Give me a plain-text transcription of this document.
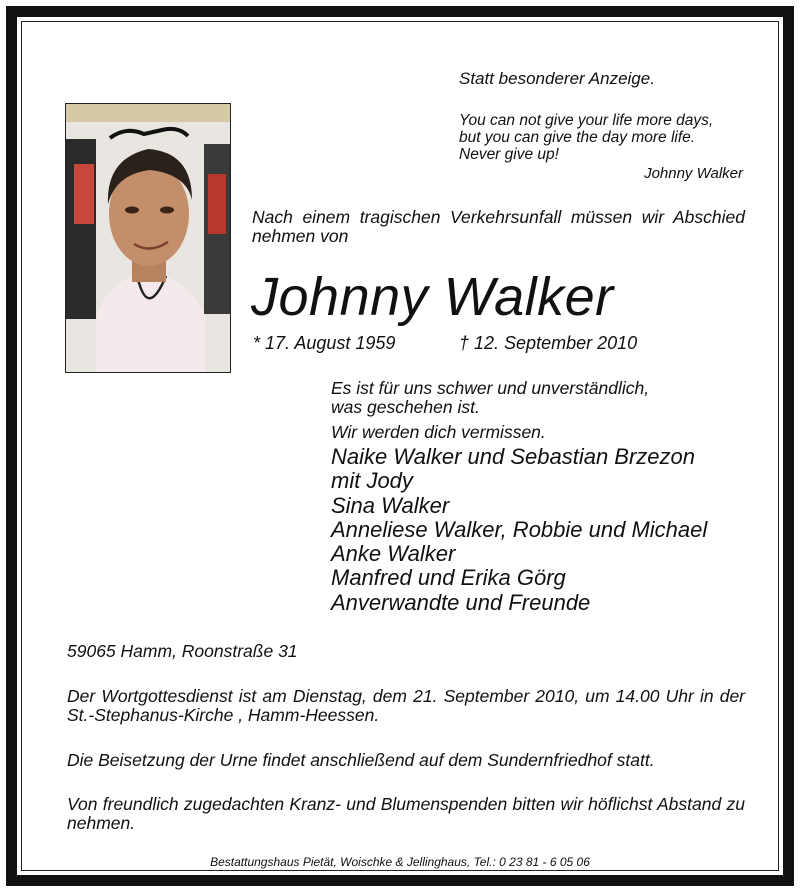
Statt besonderer Anzeige.
You can not give your life more days,
but you can give the day more life.
Never give up!
Johnny Walker
Nach einem tragischen Verkehrsunfall müssen wir Abschied nehmen von
Johnny Walker
* 17. August 1959	† 12. September 2010
Es ist für uns schwer und unverständlich,
was geschehen ist.
Wir werden dich vermissen.
Naike Walker und Sebastian Brzezon
mit Jody
Sina Walker
Anneliese Walker, Robbie und Michael
Anke Walker
Manfred und Erika Görg
Anverwandte und Freunde
59065 Hamm, Roonstraße 31
Der Wortgottesdienst ist am Dienstag, dem 21. September 2010, um 14.00 Uhr in der St.-Stephanus-Kirche , Hamm-Heessen.
Die Beisetzung der Urne findet anschließend auf dem Sundernfriedhof statt.
Von freundlich zugedachten Kranz- und Blumenspenden bitten wir höflichst Abstand zu nehmen.
Bestattungshaus Pietät, Woischke & Jellinghaus, Tel.: 0 23 81 - 6 05 06
